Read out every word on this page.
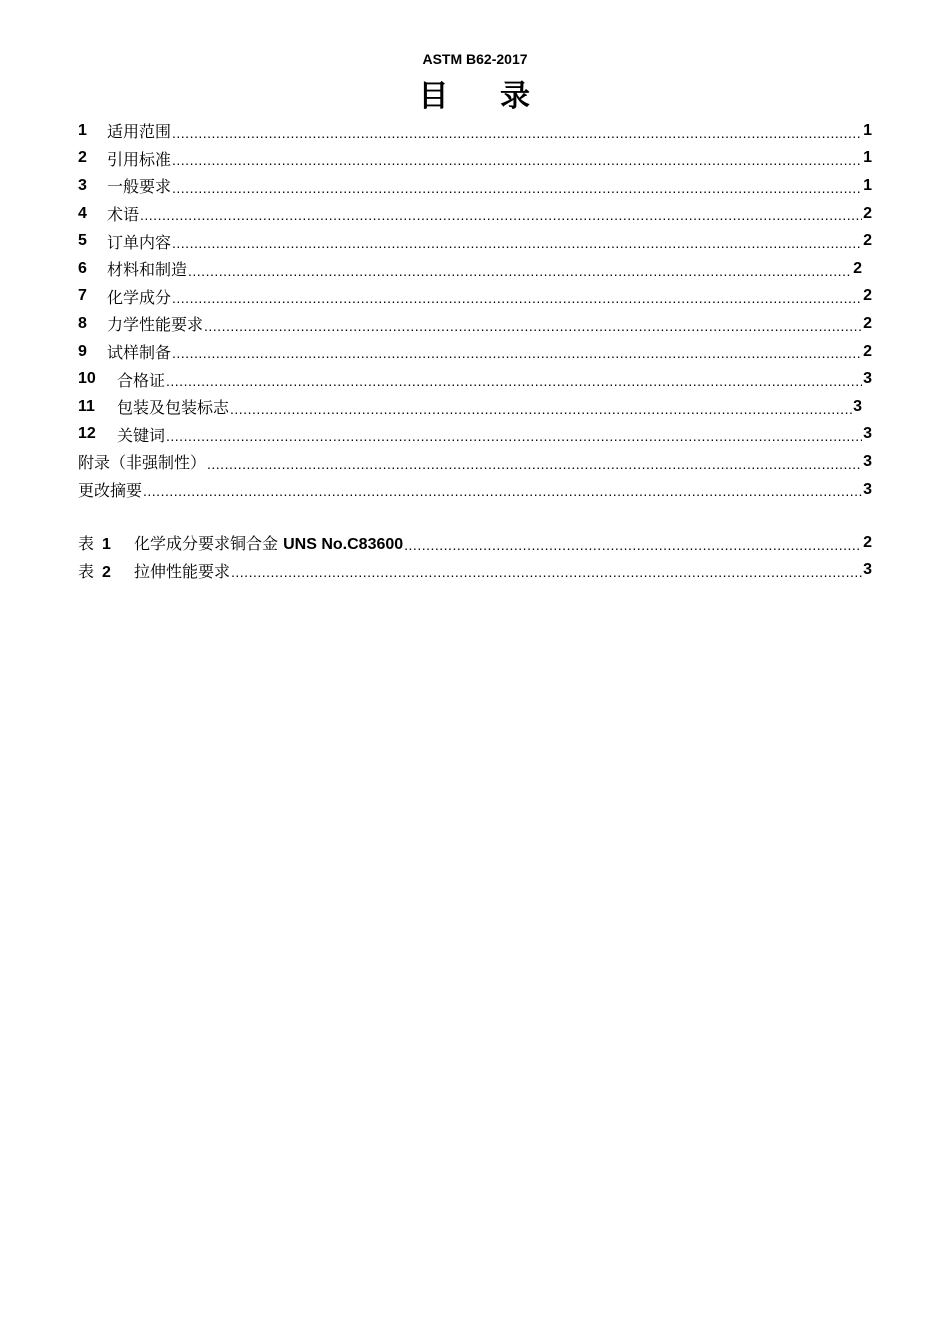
ASTM B62-2017
目 录
1	适用范围 .....	1
2	引用标准 .....	1
3	一般要求 .....	1
4	术语 .....	2
5	订单内容 .....	2
6	材料和制造 .....	2
7	化学成分 .....	2
8	力学性能要求 .....	2
9	试样制备 .....	2
10	合格证 .....	3
11	包装及包装标志 .....	3
12	关键词 .....	3
附录（非强制性） .....	3
更改摘要 .....	3
表 1	化学成分要求铜合金 UNS No.C83600 .....	2
表 2	拉伸性能要求 .....	3
